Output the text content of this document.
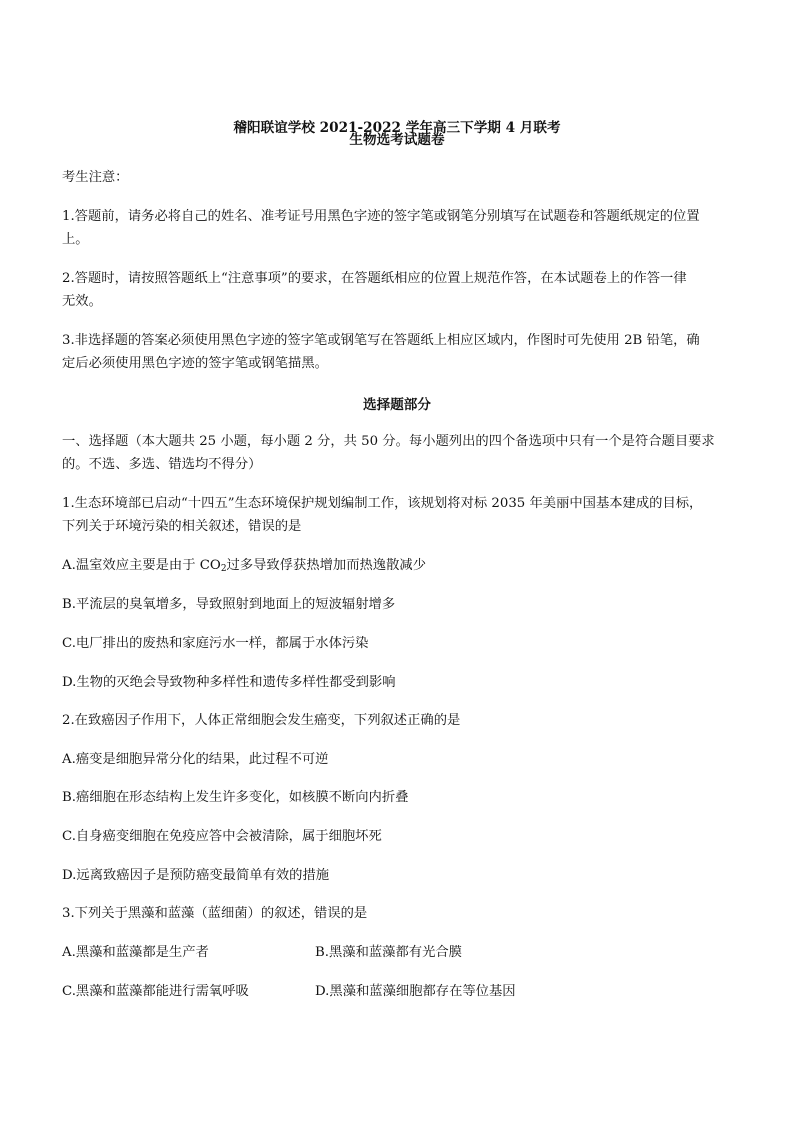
稽阳联谊学校 2021-2022 学年高三下学期 4 月联考
生物选考试题卷
考生注意：
1.答题前，请务必将自己的姓名、准考证号用黑色字迹的签字笔或钢笔分别填写在试题卷和答题纸规定的位置
上。
2.答题时，请按照答题纸上“注意事项”的要求，在答题纸相应的位置上规范作答，在本试题卷上的作答一律
无效。
3.非选择题的答案必须使用黑色字迹的签字笔或钢笔写在答题纸上相应区域内，作图时可先使用 2B 铅笔，确
定后必须使用黑色字迹的签字笔或钢笔描黑。
选择题部分
一、选择题（本大题共 25 小题，每小题 2 分，共 50 分。每小题列出的四个备选项中只有一个是符合题目要求
的。不选、多选、错选均不得分）
1.生态环境部已启动“十四五”生态环境保护规划编制工作，该规划将对标 2035 年美丽中国基本建成的目标，
下列关于环境污染的相关叙述，错误的是
A.温室效应主要是由于 $CO_2$过多导致俘获热增加而热逸散减少
B.平流层的臭氧增多，导致照射到地面上的短波辐射增多
C.电厂排出的废热和家庭污水一样，都属于水体污染
D.生物的灭绝会导致物种多样性和遗传多样性都受到影响
2.在致癌因子作用下，人体正常细胞会发生癌变，下列叙述正确的是
A.癌变是细胞异常分化的结果，此过程不可逆
B.癌细胞在形态结构上发生许多变化，如核膜不断向内折叠
C.自身癌变细胞在免疫应答中会被清除，属于细胞坏死
D.远离致癌因子是预防癌变最简单有效的措施
3.下列关于黑藻和蓝藻（蓝细菌）的叙述，错误的是
A.黑藻和蓝藻都是生产者	B.黑藻和蓝藻都有光合膜
C.黑藻和蓝藻都能进行需氧呼吸	D.黑藻和蓝藻细胞都存在等位基因
